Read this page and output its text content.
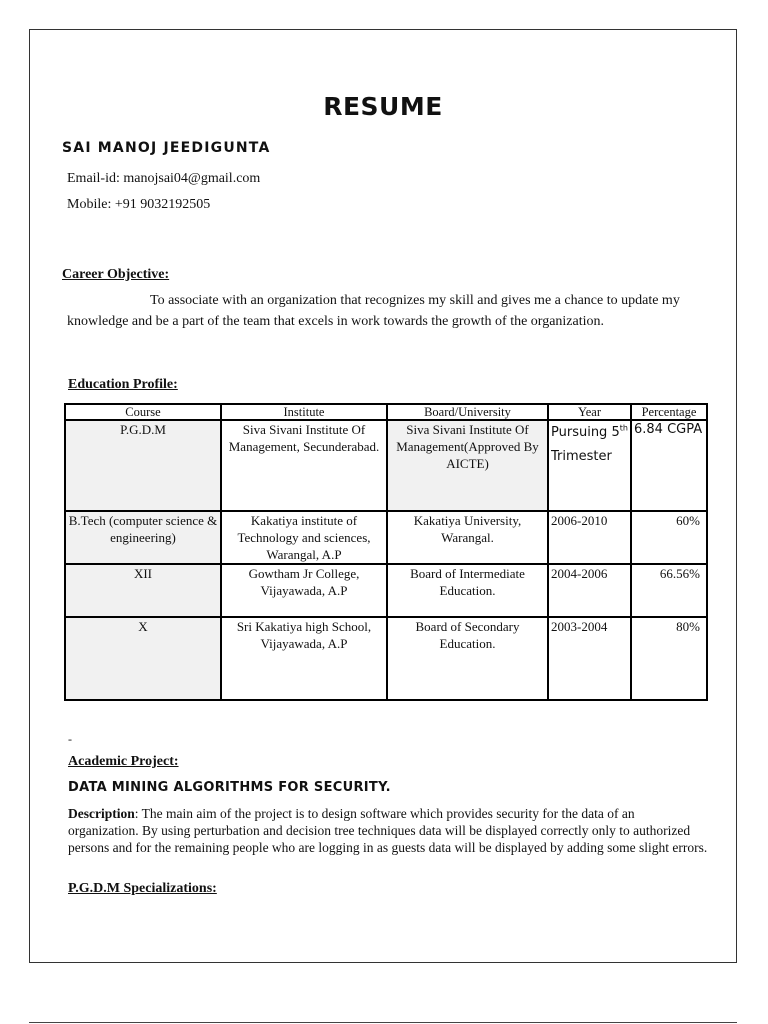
RESUME
SAI MANOJ JEEDIGUNTA
Email-id: manojsai04@gmail.com
Mobile: +91 9032192505
Career Objective:
To associate with an organization that recognizes my skill and gives me a chance to update my knowledge and be a part of the team that excels in work towards the growth of the organization.
Education Profile:
Course	Institute	Board/University	Year	Percentage
P.G.D.M	Siva Sivani Institute Of Management, Secunderabad.	Siva Sivani Institute Of Management(Approved By AICTE)	Pursuing 5th Trimester	6.84 CGPA
B.Tech (computer science & engineering)	Kakatiya institute of Technology and sciences, Warangal, A.P	Kakatiya University, Warangal.	2006-2010	60%
XII	Gowtham Jr College, Vijayawada, A.P	Board of Intermediate Education.	2004-2006	66.56%
X	Sri Kakatiya high School, Vijayawada, A.P	Board of Secondary Education.	2003-2004	80%
-
Academic Project:
DATA MINING ALGORITHMS FOR SECURITY.
Description: The main aim of the project is to design software which provides security for the data of an organization. By using perturbation and decision tree techniques data will be displayed correctly only to authorized persons and for the remaining people who are logging in as guests data will be displayed by adding some slight errors.
P.G.D.M Specializations:
